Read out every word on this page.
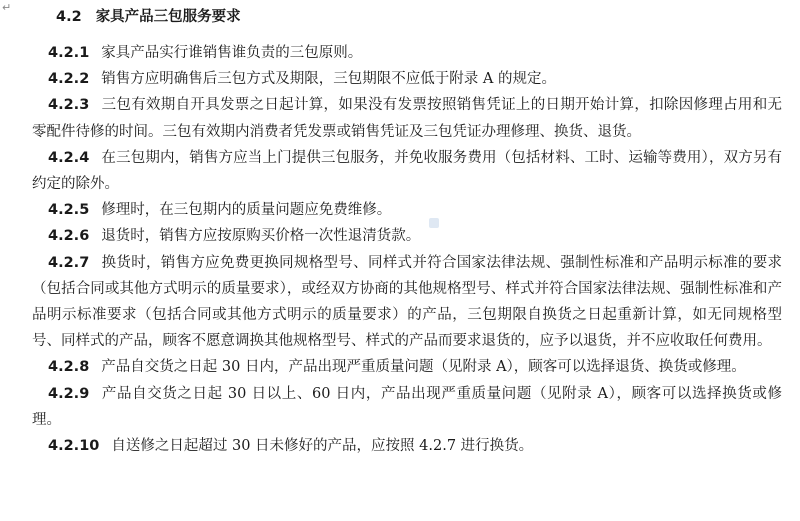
↵
4.2 家具产品三包服务要求

4.2.1 家具产品实行谁销售谁负责的三包原则。

4.2.2 销售方应明确售后三包方式及期限，三包期限不应低于附录 A 的规定。

4.2.3 三包有效期自开具发票之日起计算，如果没有发票按照销售凭证上的日期开始计算，扣除因修理占用和无零配件待修的时间。三包有效期内消费者凭发票或销售凭证及三包凭证办理修理、换货、退货。

4.2.4 在三包期内，销售方应当上门提供三包服务，并免收服务费用（包括材料、工时、运输等费用），双方另有约定的除外。

4.2.5 修理时，在三包期内的质量问题应免费维修。

4.2.6 退货时，销售方应按原购买价格一次性退清货款。

4.2.7 换货时，销售方应免费更换同规格型号、同样式并符合国家法律法规、强制性标准和产品明示标准的要求（包括合同或其他方式明示的质量要求），或经双方协商的其他规格型号、样式并符合国家法律法规、强制性标准和产品明示标准要求（包括合同或其他方式明示的质量要求）的产品，三包期限自换货之日起重新计算，如无同规格型号、同样式的产品，顾客不愿意调换其他规格型号、样式的产品而要求退货的，应予以退货，并不应收取任何费用。

4.2.8 产品自交货之日起 30 日内，产品出现严重质量问题（见附录 A），顾客可以选择退货、换货或修理。

4.2.9 产品自交货之日起 30 日以上、60 日内，产品出现严重质量问题（见附录 A），顾客可以选择换货或修理。

4.2.10 自送修之日起超过 30 日未修好的产品，应按照 4.2.7 进行换货。
